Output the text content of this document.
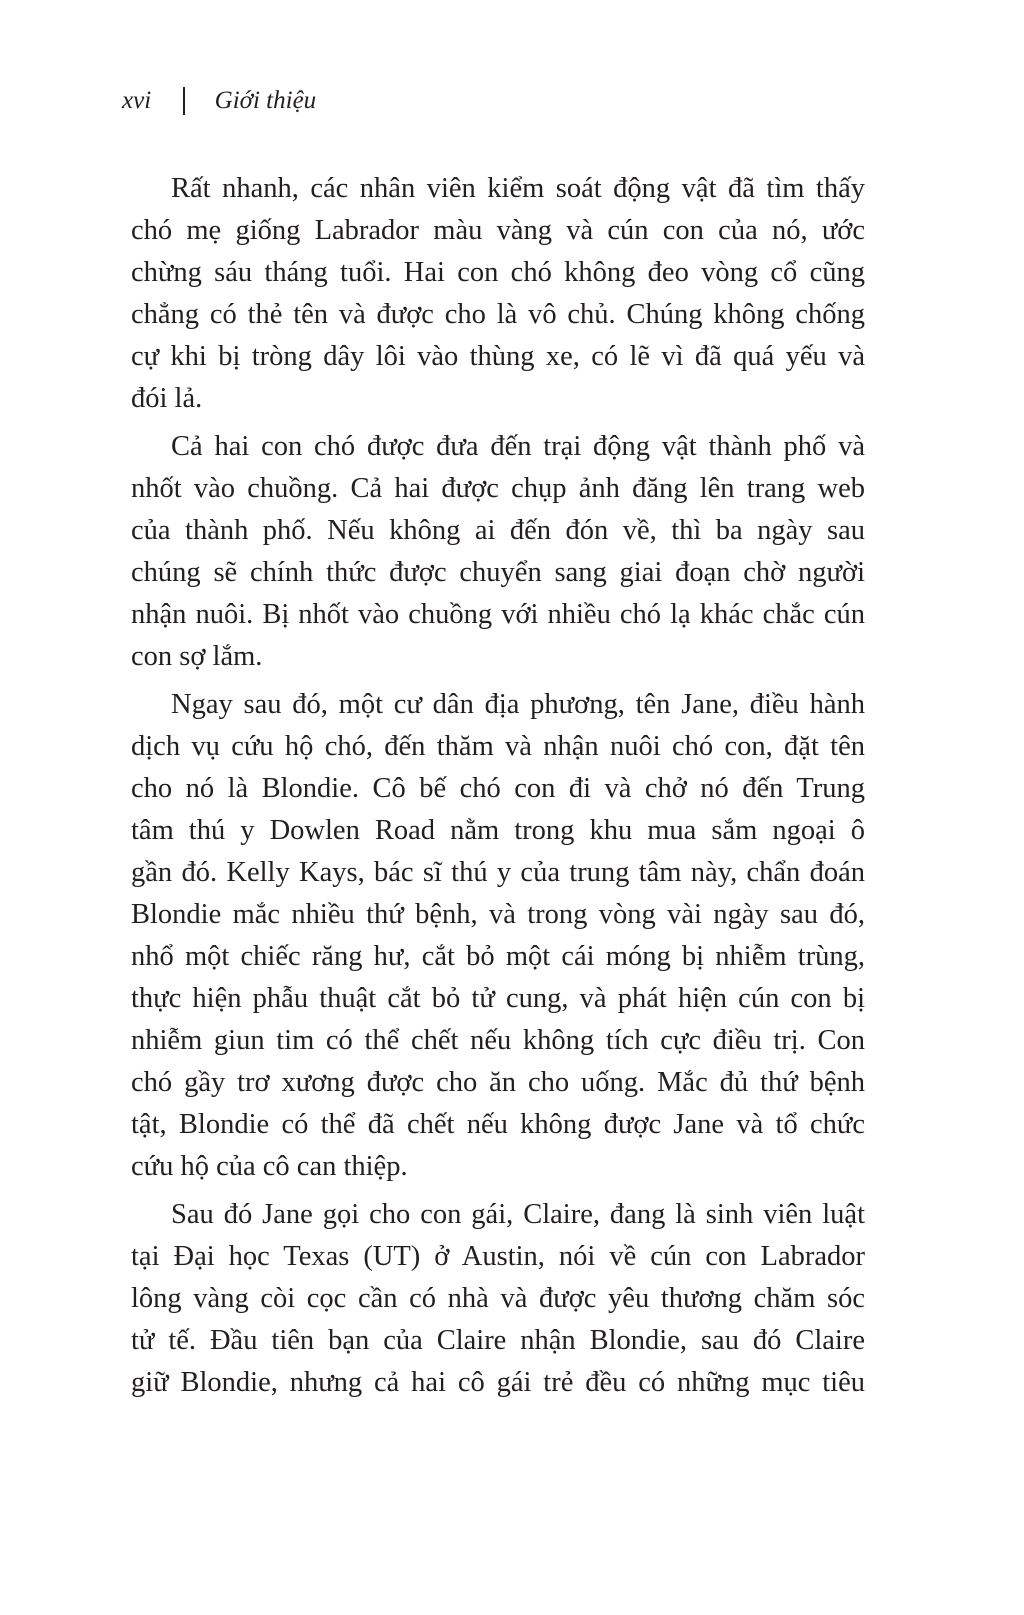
xvi	Giới thiệu
Rất nhanh, các nhân viên kiểm soát động vật đã tìm thấy
chó mẹ giống Labrador màu vàng và cún con của nó, ước
chừng sáu tháng tuổi. Hai con chó không đeo vòng cổ cũng
chẳng có thẻ tên và được cho là vô chủ. Chúng không chống
cự khi bị tròng dây lôi vào thùng xe, có lẽ vì đã quá yếu và
đói lả.
Cả hai con chó được đưa đến trại động vật thành phố và
nhốt vào chuồng. Cả hai được chụp ảnh đăng lên trang web
của thành phố. Nếu không ai đến đón về, thì ba ngày sau
chúng sẽ chính thức được chuyển sang giai đoạn chờ người
nhận nuôi. Bị nhốt vào chuồng với nhiều chó lạ khác chắc cún
con sợ lắm.
Ngay sau đó, một cư dân địa phương, tên Jane, điều hành
dịch vụ cứu hộ chó, đến thăm và nhận nuôi chó con, đặt tên
cho nó là Blondie. Cô bế chó con đi và chở nó đến Trung
tâm thú y Dowlen Road nằm trong khu mua sắm ngoại ô
gần đó. Kelly Kays, bác sĩ thú y của trung tâm này, chẩn đoán
Blondie mắc nhiều thứ bệnh, và trong vòng vài ngày sau đó,
nhổ một chiếc răng hư, cắt bỏ một cái móng bị nhiễm trùng,
thực hiện phẫu thuật cắt bỏ tử cung, và phát hiện cún con bị
nhiễm giun tim có thể chết nếu không tích cực điều trị. Con
chó gầy trơ xương được cho ăn cho uống. Mắc đủ thứ bệnh
tật, Blondie có thể đã chết nếu không được Jane và tổ chức
cứu hộ của cô can thiệp.
Sau đó Jane gọi cho con gái, Claire, đang là sinh viên luật
tại Đại học Texas (UT) ở Austin, nói về cún con Labrador
lông vàng còi cọc cần có nhà và được yêu thương chăm sóc
tử tế. Đầu tiên bạn của Claire nhận Blondie, sau đó Claire
giữ Blondie, nhưng cả hai cô gái trẻ đều có những mục tiêu
